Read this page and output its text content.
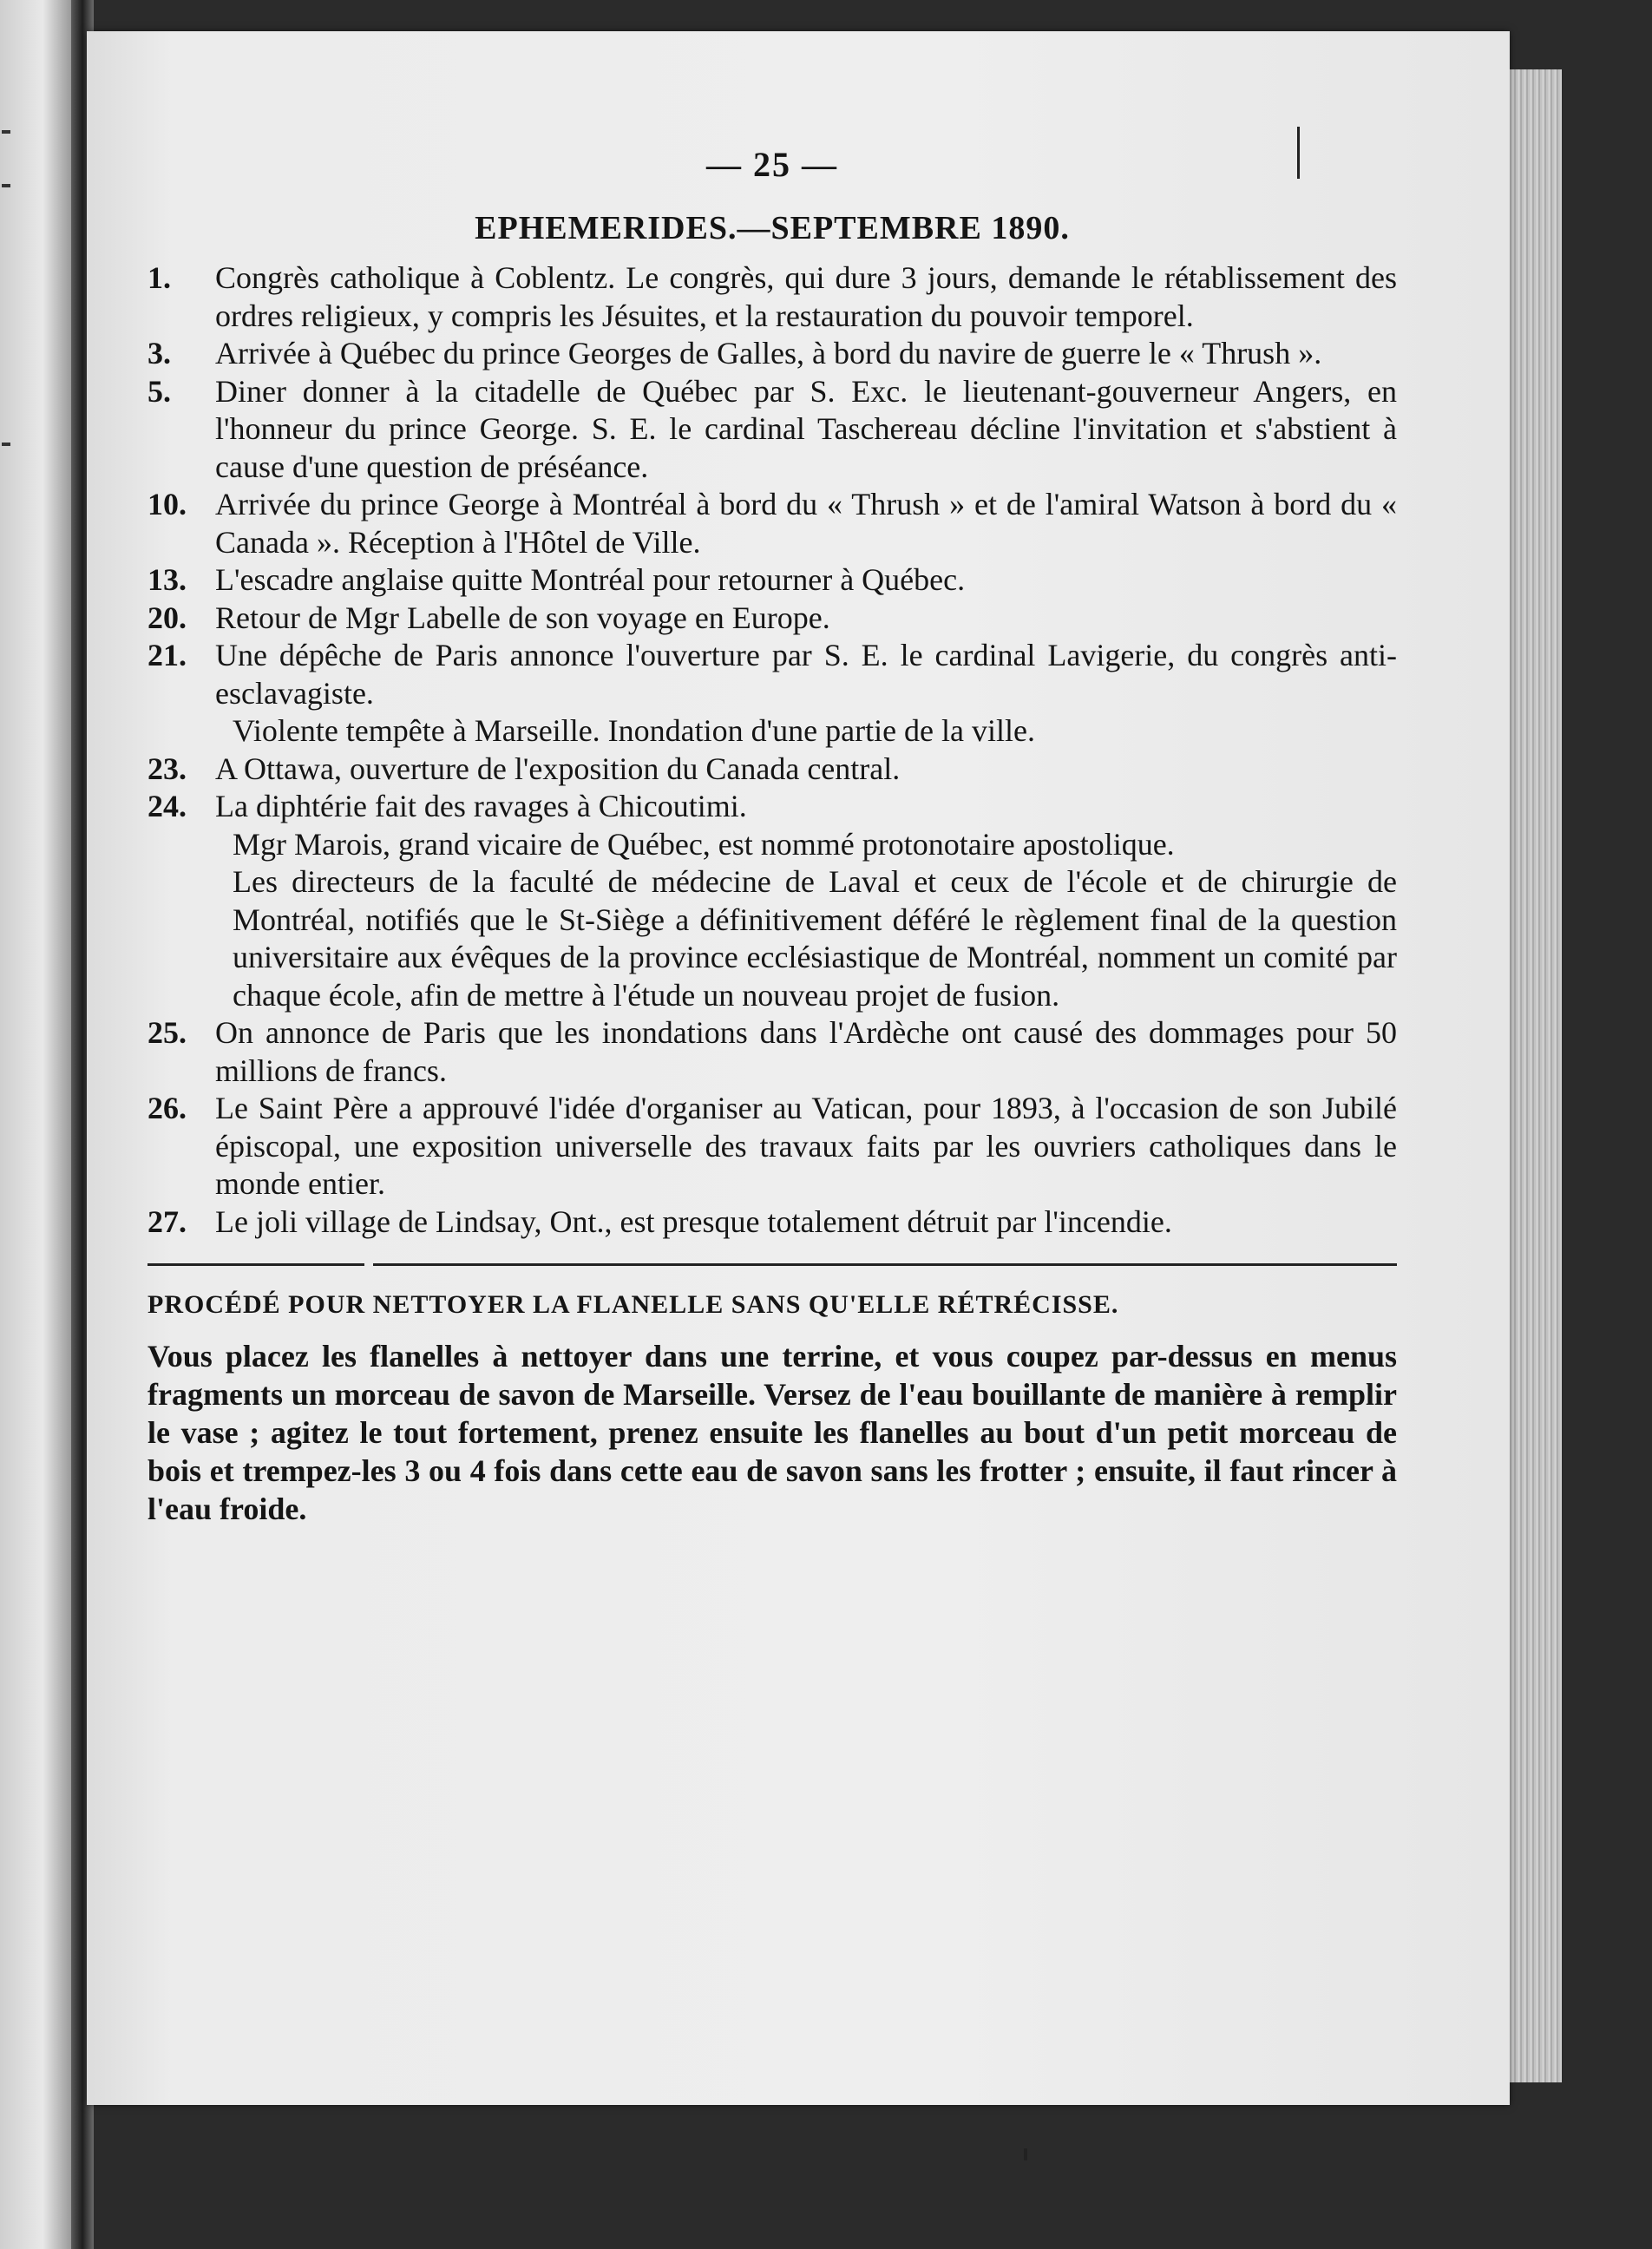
— 25 —
EPHEMERIDES.—SEPTEMBRE 1890.
1.	Congrès catholique à Coblentz. Le congrès, qui dure 3 jours, demande le rétablissement des ordres religieux, y compris les Jésuites, et la restauration du pouvoir temporel.
3.	Arrivée à Québec du prince Georges de Galles, à bord du navire de guerre le « Thrush ».
5.	Diner donner à la citadelle de Québec par S. Exc. le lieutenant-gouverneur Angers, en l'honneur du prince George. S. E. le cardinal Taschereau décline l'invitation et s'abstient à cause d'une question de préséance.
10. Arrivée du prince George à Montréal à bord du « Thrush » et de l'amiral Watson à bord du « Canada ». Réception à l'Hôtel de Ville.
13. L'escadre anglaise quitte Montréal pour retourner à Québec.
20. Retour de Mgr Labelle de son voyage en Europe.
21. Une dépêche de Paris annonce l'ouverture par S. E. le cardinal Lavigerie, du congrès anti-esclavagiste.
Violente tempête à Marseille. Inondation d'une partie de la ville.
23. A Ottawa, ouverture de l'exposition du Canada central.
24. La diphtérie fait des ravages à Chicoutimi.
Mgr Marois, grand vicaire de Québec, est nommé protonotaire apostolique.
Les directeurs de la faculté de médecine de Laval et ceux de l'école et de chirurgie de Montréal, notifiés que le St-Siège a définitivement déféré le règlement final de la question universitaire aux évêques de la province ecclésiastique de Montréal, nomment un comité par chaque école, afin de mettre à l'étude un nouveau projet de fusion.
25. On annonce de Paris que les inondations dans l'Ardèche ont causé des dommages pour 50 millions de francs.
26. Le Saint Père a approuvé l'idée d'organiser au Vatican, pour 1893, à l'occasion de son Jubilé épiscopal, une exposition universelle des travaux faits par les ouvriers catholiques dans le monde entier.
27. Le joli village de Lindsay, Ont., est presque totalement détruit par l'incendie.
PROCÉDÉ POUR NETTOYER LA FLANELLE SANS QU'ELLE RÉTRÉCISSE.

Vous placez les flanelles à nettoyer dans une terrine, et vous coupez par-dessus en menus fragments un morceau de savon de Marseille. Versez de l'eau bouillante de manière à remplir le vase ; agitez le tout fortement, prenez ensuite les flanelles au bout d'un petit morceau de bois et trempez-les 3 ou 4 fois dans cette eau de savon sans les frotter ; ensuite, il faut rincer à l'eau froide.
